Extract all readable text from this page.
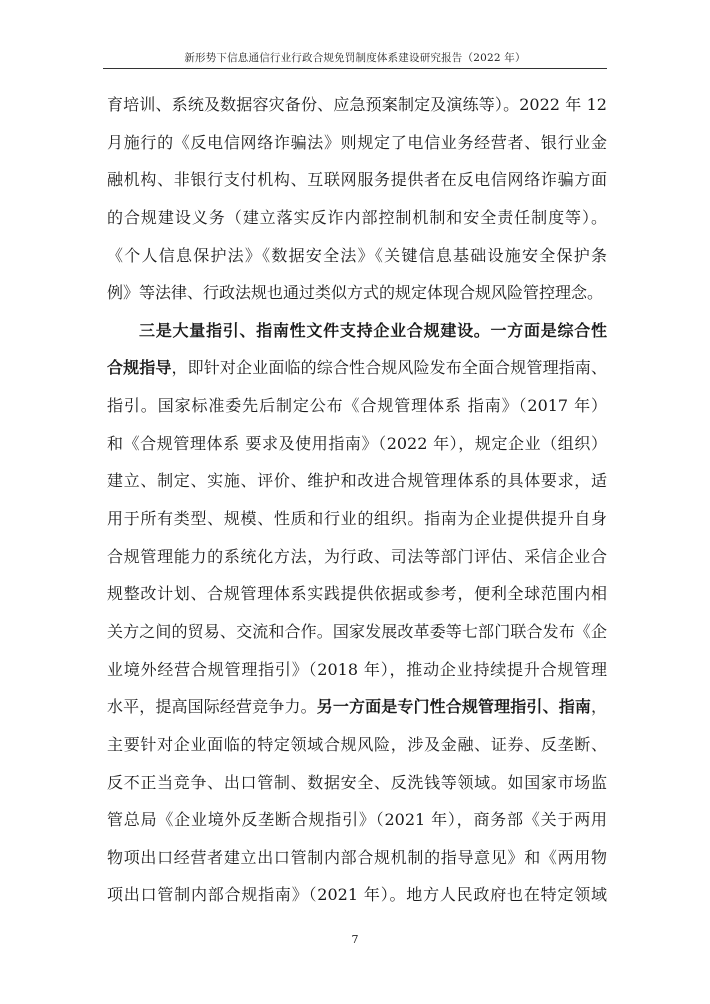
新形势下信息通信行业行政合规免罚制度体系建设研究报告（2022 年）
育培训、系统及数据容灾备份、应急预案制定及演练等）。2022 年 12
月施行的《反电信网络诈骗法》则规定了电信业务经营者、银行业金
融机构、非银行支付机构、互联网服务提供者在反电信网络诈骗方面
的合规建设义务（建立落实反诈内部控制机制和安全责任制度等）。
《个人信息保护法》《数据安全法》《关键信息基础设施安全保护条
例》等法律、行政法规也通过类似方式的规定体现合规风险管控理念。
三是大量指引、指南性文件支持企业合规建设。一方面是综合性
合规指导，即针对企业面临的综合性合规风险发布全面合规管理指南、
指引。国家标准委先后制定公布《合规管理体系 指南》（2017 年）
和《合规管理体系 要求及使用指南》（2022 年），规定企业（组织）
建立、制定、实施、评价、维护和改进合规管理体系的具体要求，适
用于所有类型、规模、性质和行业的组织。指南为企业提供提升自身
合规管理能力的系统化方法，为行政、司法等部门评估、采信企业合
规整改计划、合规管理体系实践提供依据或参考，便利全球范围内相
关方之间的贸易、交流和合作。国家发展改革委等七部门联合发布《企
业境外经营合规管理指引》（2018 年），推动企业持续提升合规管理
水平，提高国际经营竞争力。另一方面是专门性合规管理指引、指南，
主要针对企业面临的特定领域合规风险，涉及金融、证券、反垄断、
反不正当竞争、出口管制、数据安全、反洗钱等领域。如国家市场监
管总局《企业境外反垄断合规指引》（2021 年），商务部《关于两用
物项出口经营者建立出口管制内部合规机制的指导意见》和《两用物
项出口管制内部合规指南》（2021 年）。地方人民政府也在特定领域
7
